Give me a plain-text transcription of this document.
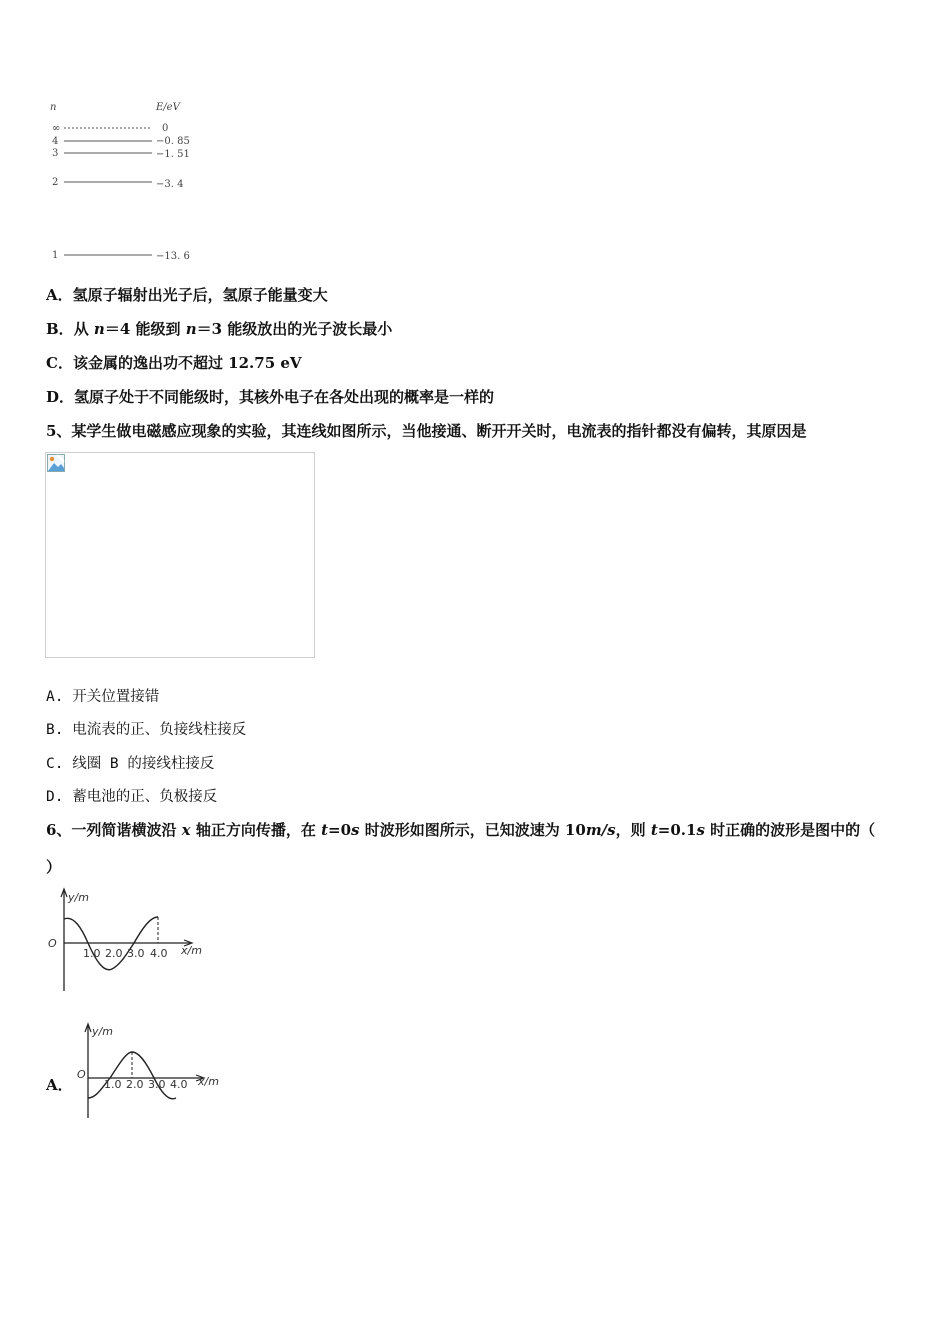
n	E/eV
∞	0
4	−0. 85
3	−1. 51
2	−3. 4
1	−13. 6
A．氢原子辐射出光子后，氢原子能量变大
B．从 n＝4 能级到 n＝3 能级放出的光子波长最小
C．该金属的逸出功不超过 12.75 eV
D．氢原子处于不同能级时，其核外电子在各处出现的概率是一样的
5、某学生做电磁感应现象的实验，其连线如图所示，当他接通、断开开关时，电流表的指针都没有偏转，其原因是
A. 开关位置接错
B. 电流表的正、负接线柱接反
C. 线圈 B 的接线柱接反
D. 蓄电池的正、负极接反
6、一列简谐横波沿 x 轴正方向传播，在 t=0s 时波形如图所示，已知波速为 10m/s，则 t=0.1s 时正确的波形是图中的（
）
y/m
x/m
O
1.0 2.0 3.0 4.0
A．
y/m
x/m
O
1.0 2.0 3.0 4.0
